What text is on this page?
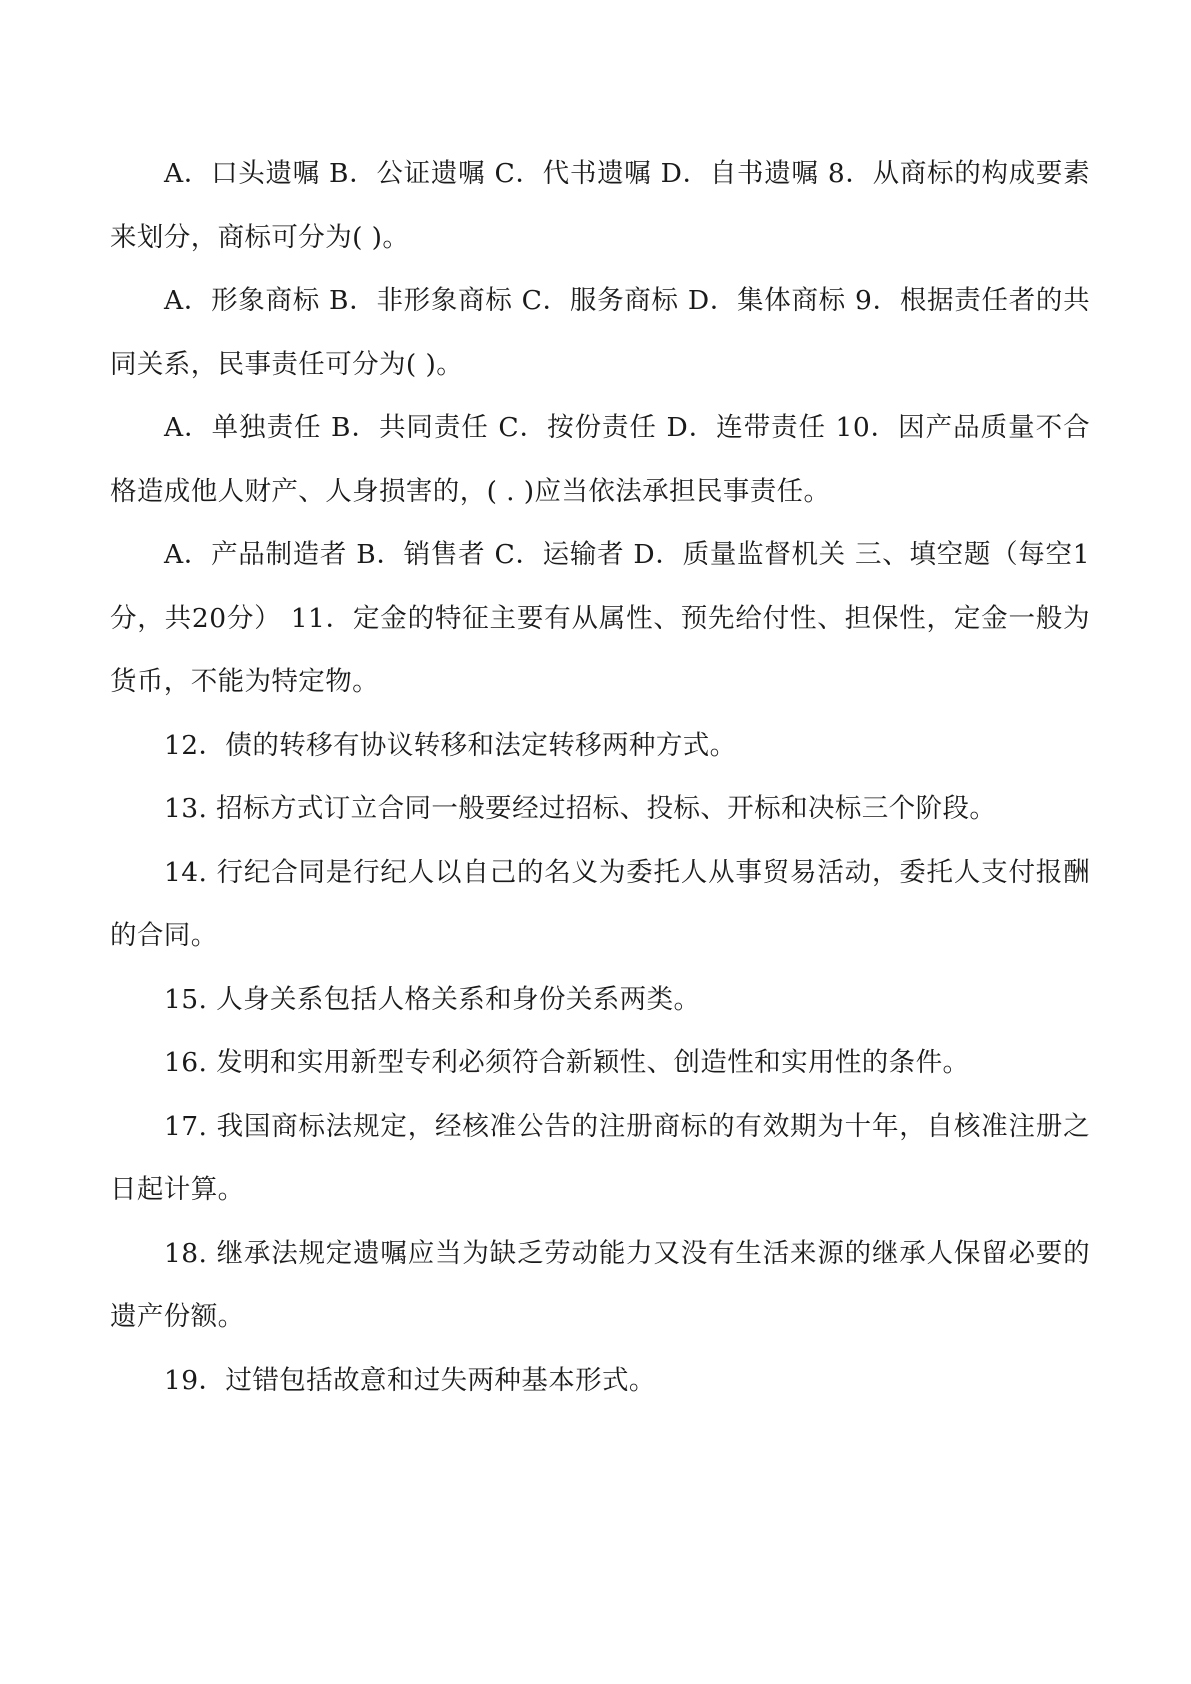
A．口头遗嘱 B．公证遗嘱 C．代书遗嘱 D．自书遗嘱 8．从商标的构成要素来划分，商标可分为( )。

A．形象商标 B．非形象商标 C．服务商标 D．集体商标 9．根据责任者的共同关系，民事责任可分为( )。

A．单独责任 B．共同责任 C．按份责任 D．连带责任 10．因产品质量不合格造成他人财产、人身损害的，( . )应当依法承担民事责任。

A．产品制造者 B．销售者 C．运输者 D．质量监督机关 三、填空题（每空1分，共20分） 11．定金的特征主要有从属性、预先给付性、担保性，定金一般为货币，不能为特定物。

12．债的转移有协议转移和法定转移两种方式。

13. 招标方式订立合同一般要经过招标、投标、开标和决标三个阶段。

14. 行纪合同是行纪人以自己的名义为委托人从事贸易活动，委托人支付报酬的合同。

15. 人身关系包括人格关系和身份关系两类。

16. 发明和实用新型专利必须符合新颖性、创造性和实用性的条件。

17. 我国商标法规定，经核准公告的注册商标的有效期为十年，自核准注册之日起计算。

18. 继承法规定遗嘱应当为缺乏劳动能力又没有生活来源的继承人保留必要的遗产份额。

19．过错包括故意和过失两种基本形式。
